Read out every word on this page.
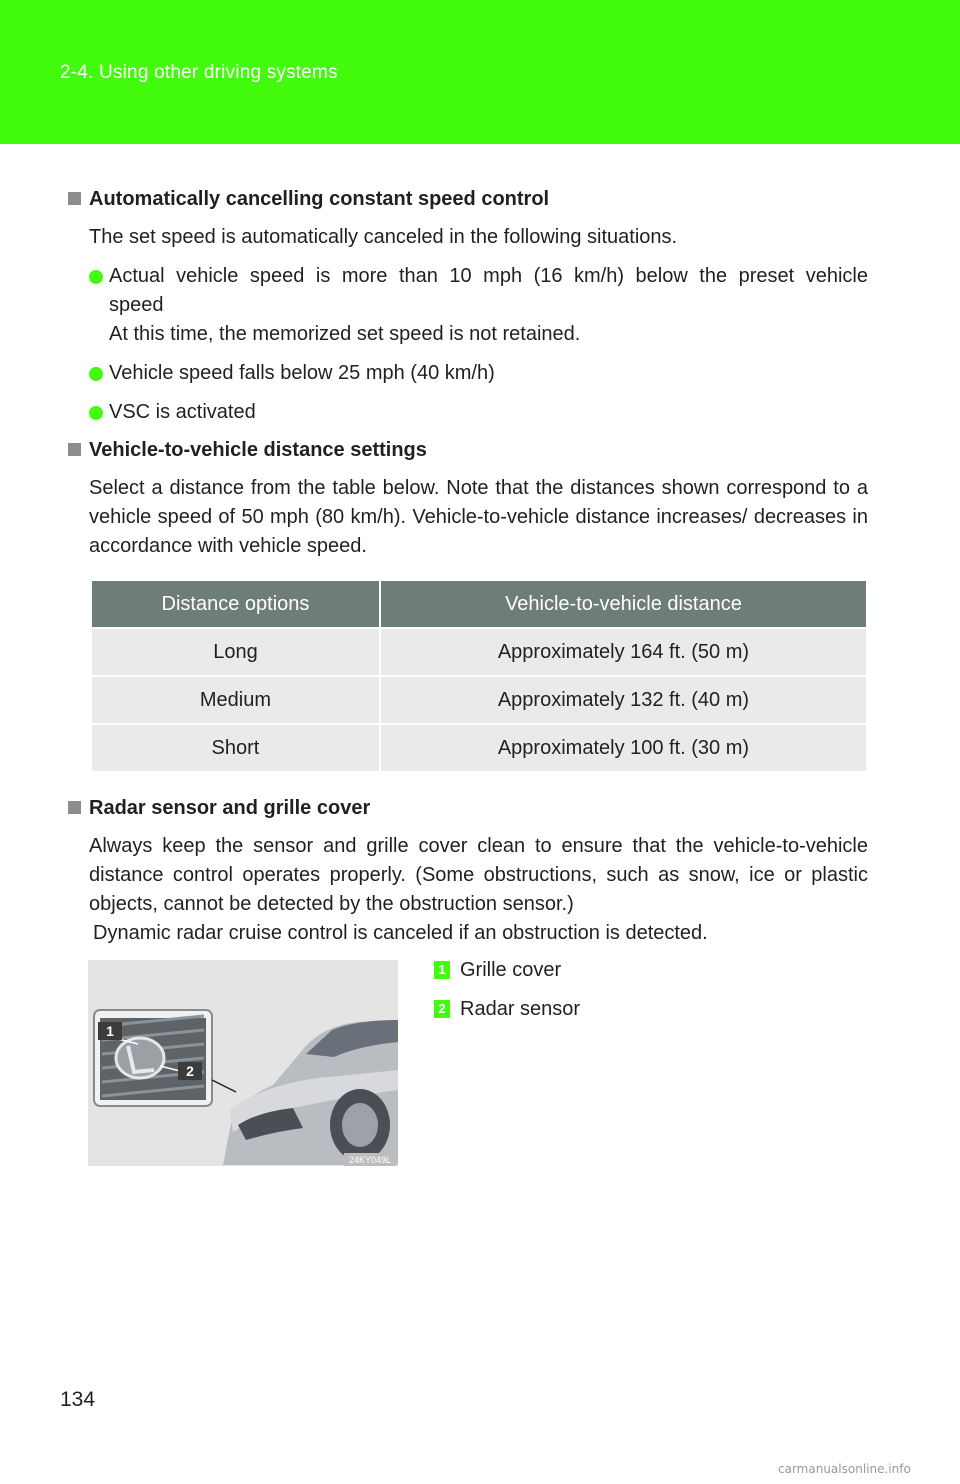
2-4. Using other driving systems
Automatically cancelling constant speed control
The set speed is automatically canceled in the following situations.
Actual vehicle speed is more than 10 mph (16 km/h) below the preset vehicle
speed
At this time, the memorized set speed is not retained.
Vehicle speed falls below 25 mph (40 km/h)
VSC is activated
Vehicle-to-vehicle distance settings
Select a distance from the table below. Note that the distances shown correspond to a vehicle speed of 50 mph (80 km/h). Vehicle-to-vehicle distance increases/ decreases in accordance with vehicle speed.
Distance options	Vehicle-to-vehicle distance
Long	Approximately 164 ft. (50 m)
Medium	Approximately 132 ft. (40 m)
Short	Approximately 100 ft. (30 m)
Radar sensor and grille cover
Always keep the sensor and grille cover clean to ensure that the vehicle-to-vehicle distance control operates properly. (Some obstructions, such as snow, ice or plastic objects, cannot be detected by the obstruction sensor.)
Dynamic radar cruise control is canceled if an obstruction is detected.
1
2
24KY049L
1 Grille cover
2 Radar sensor
134
carmanualsonline.info
